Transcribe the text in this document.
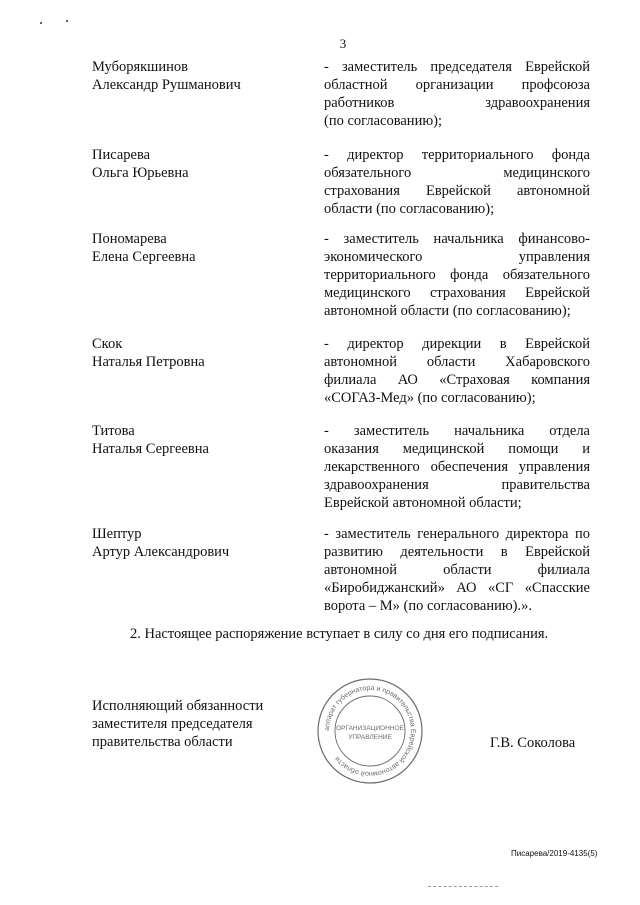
3
Муборякшинов
Александр Рушманович
- заместитель председателя Еврейской
областной организации профсоюза
работников здравоохранения
(по согласованию);
Писарева
Ольга Юрьевна
- директор территориального фонда
обязательного медицинского
страхования Еврейской автономной
области (по согласованию);
Пономарева
Елена Сергеевна
- заместитель начальника финансово-
экономического управления
территориального фонда обязательного
медицинского страхования Еврейской
автономной области (по согласованию);
Скок
Наталья Петровна
- директор дирекции в Еврейской
автономной области Хабаровского
филиала АО «Страховая компания
«СОГАЗ-Мед» (по согласованию);
Титова
Наталья Сергеевна
- заместитель начальника отдела
оказания медицинской помощи и
лекарственного обеспечения управления
здравоохранения правительства
Еврейской автономной области;
Шептур
Артур Александрович
- заместитель генерального директора по
развитию деятельности в Еврейской
автономной области филиала
«Биробиджанский» АО «СГ «Спасские
ворота – М» (по согласованию).».
2. Настоящее распоряжение вступает в силу со дня его подписания.
Исполняющий обязанности
заместителя председателя
правительства области
аппарат губернатора и правительства Еврейской автономной области
ОРГАНИЗАЦИОННОЕ
УПРАВЛЕНИЕ	Г.В. Соколова
Писарева/2019-4135(5)
